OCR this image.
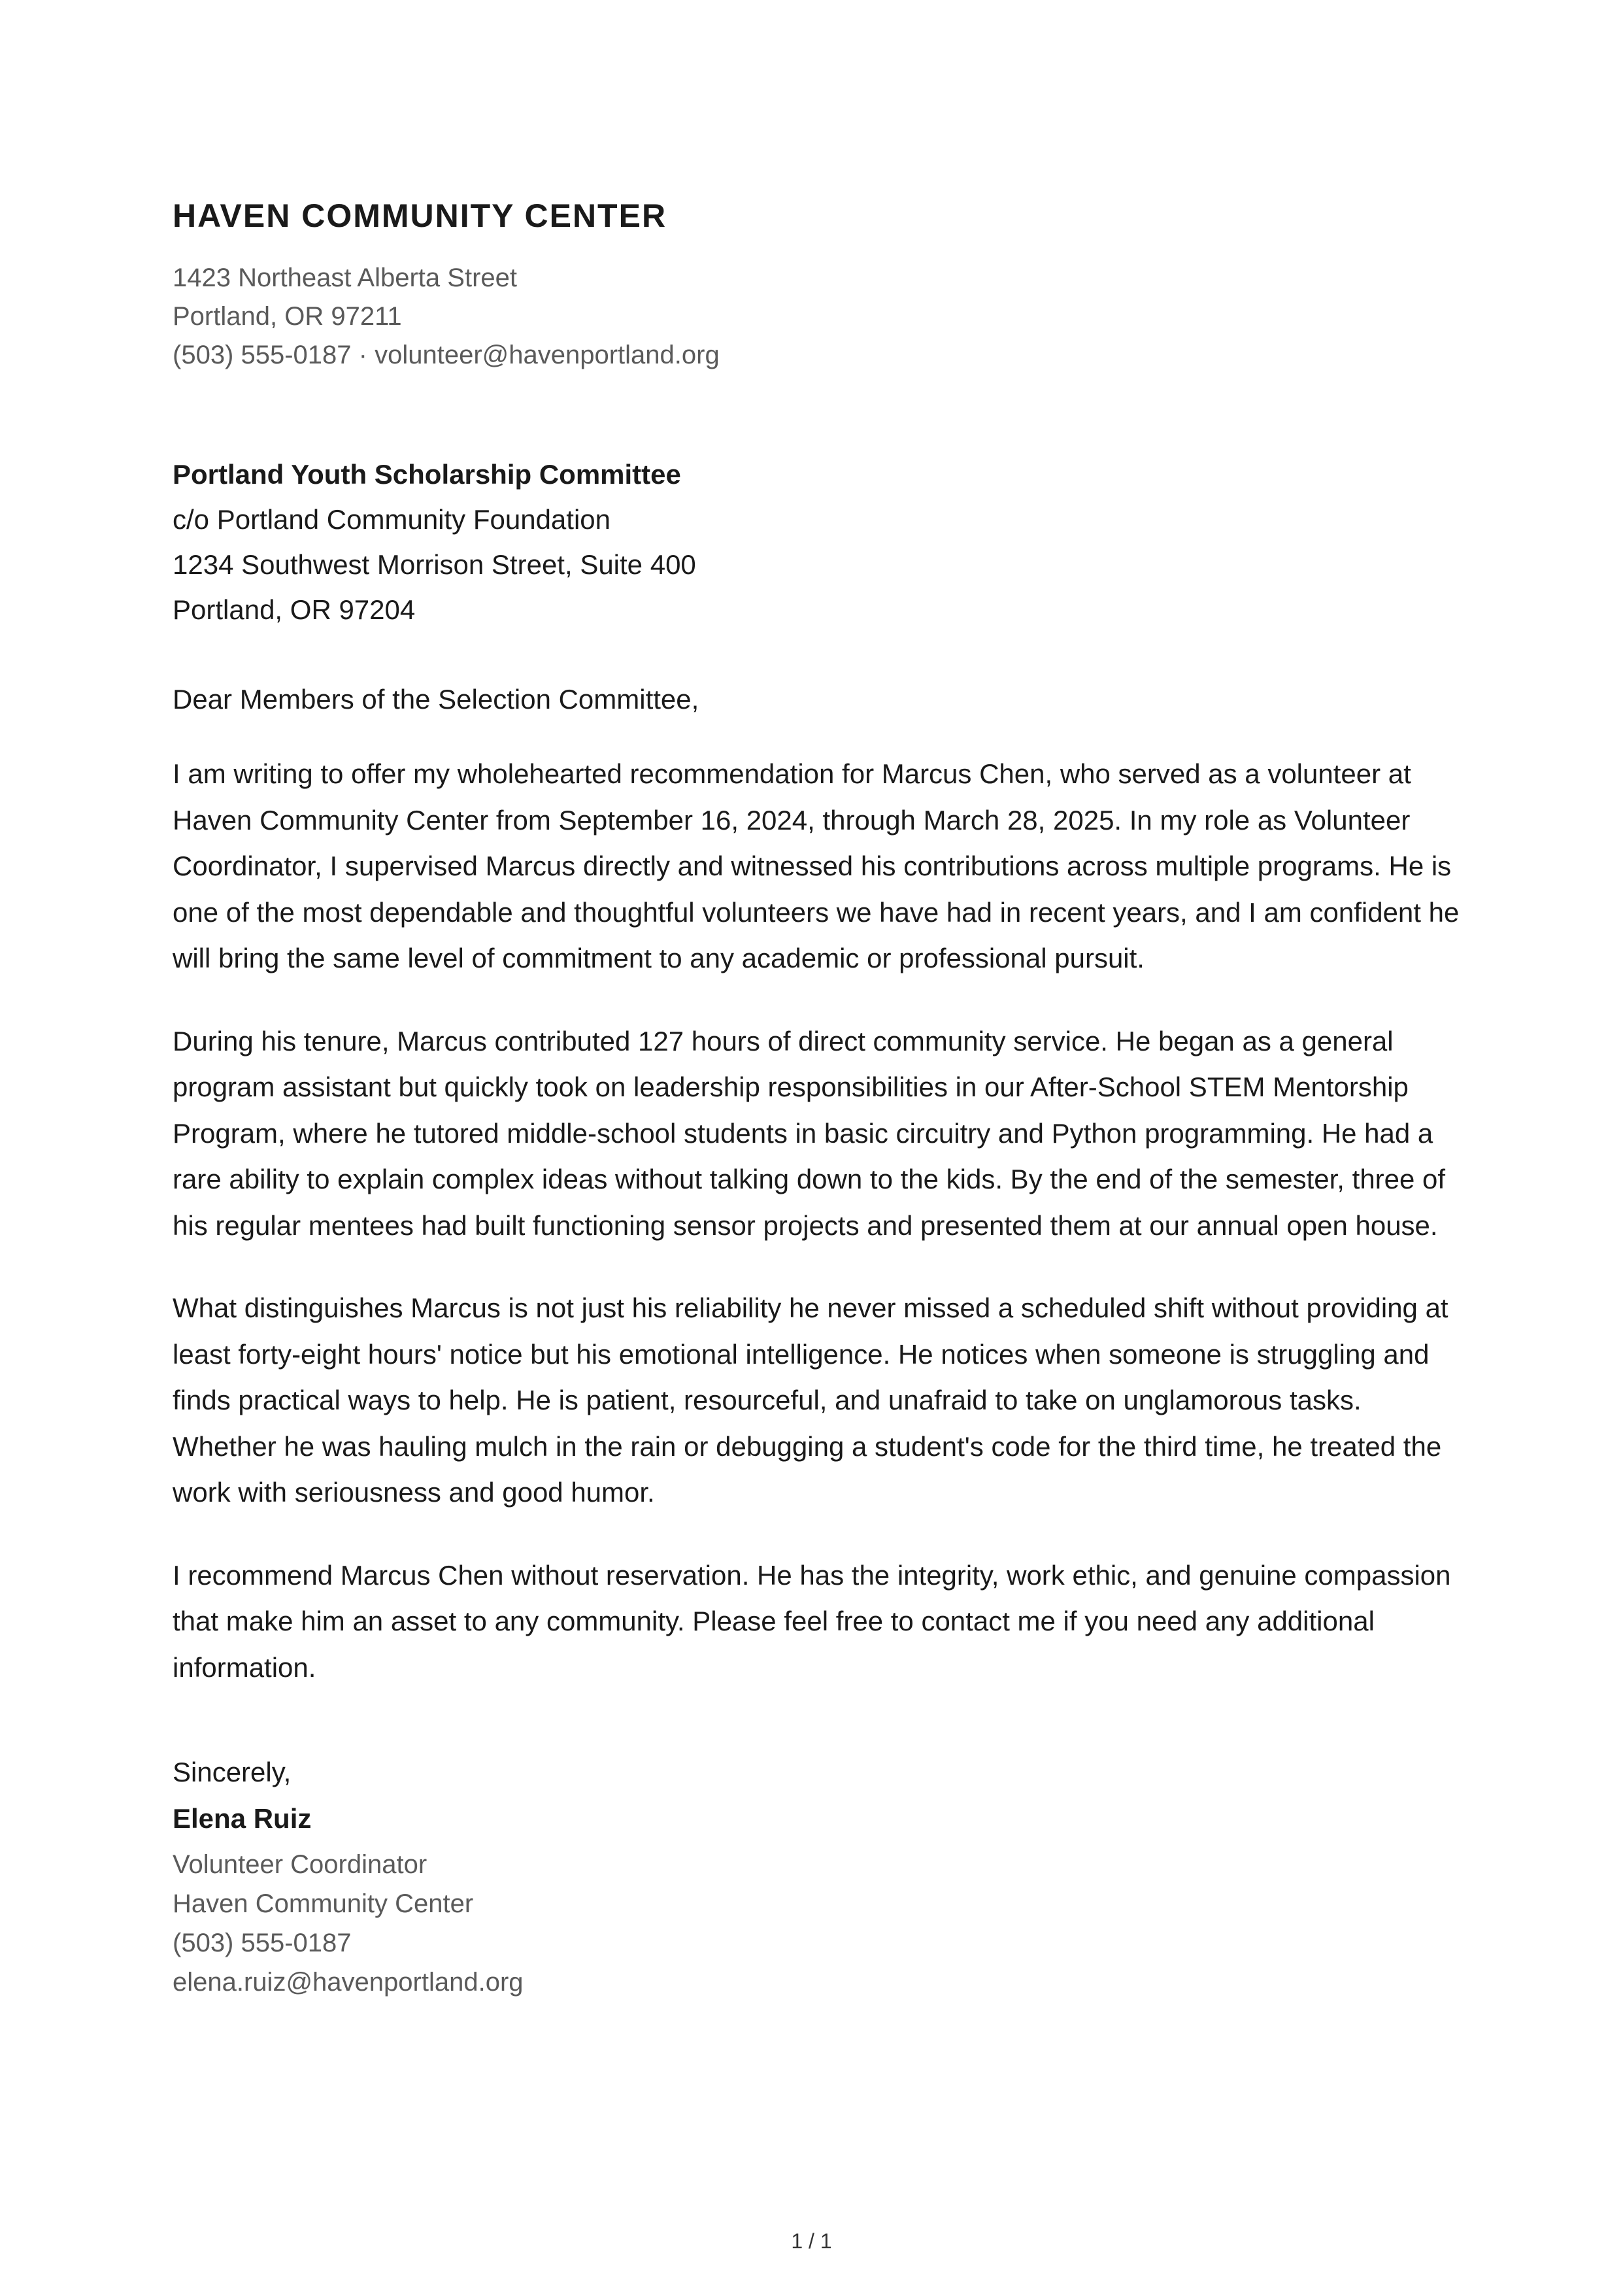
HAVEN COMMUNITY CENTER
1423 Northeast Alberta Street
Portland, OR 97211
(503) 555-0187 · volunteer@havenportland.org
Portland Youth Scholarship Committee
c/o Portland Community Foundation
1234 Southwest Morrison Street, Suite 400
Portland, OR 97204
Dear Members of the Selection Committee,

I am writing to offer my wholehearted recommendation for Marcus Chen, who served as a volunteer at Haven Community Center from September 16, 2024, through March 28, 2025. In my role as Volunteer Coordinator, I supervised Marcus directly and witnessed his contributions across multiple programs. He is one of the most dependable and thoughtful volunteers we have had in recent years, and I am confident he will bring the same level of commitment to any academic or professional pursuit.

During his tenure, Marcus contributed 127 hours of direct community service. He began as a general program assistant but quickly took on leadership responsibilities in our After-School STEM Mentorship Program, where he tutored middle-school students in basic circuitry and Python programming. He had a rare ability to explain complex ideas without talking down to the kids. By the end of the semester, three of his regular mentees had built functioning sensor projects and presented them at our annual open house.

What distinguishes Marcus is not just his reliability he never missed a scheduled shift without providing at least forty-eight hours' notice but his emotional intelligence. He notices when someone is struggling and finds practical ways to help. He is patient, resourceful, and unafraid to take on unglamorous tasks. Whether he was hauling mulch in the rain or debugging a student's code for the third time, he treated the work with seriousness and good humor.

I recommend Marcus Chen without reservation. He has the integrity, work ethic, and genuine compassion that make him an asset to any community. Please feel free to contact me if you need any additional information.

Sincerely,
Elena Ruiz
Volunteer Coordinator
Haven Community Center
(503) 555-0187
elena.ruiz@havenportland.org
1 / 1
